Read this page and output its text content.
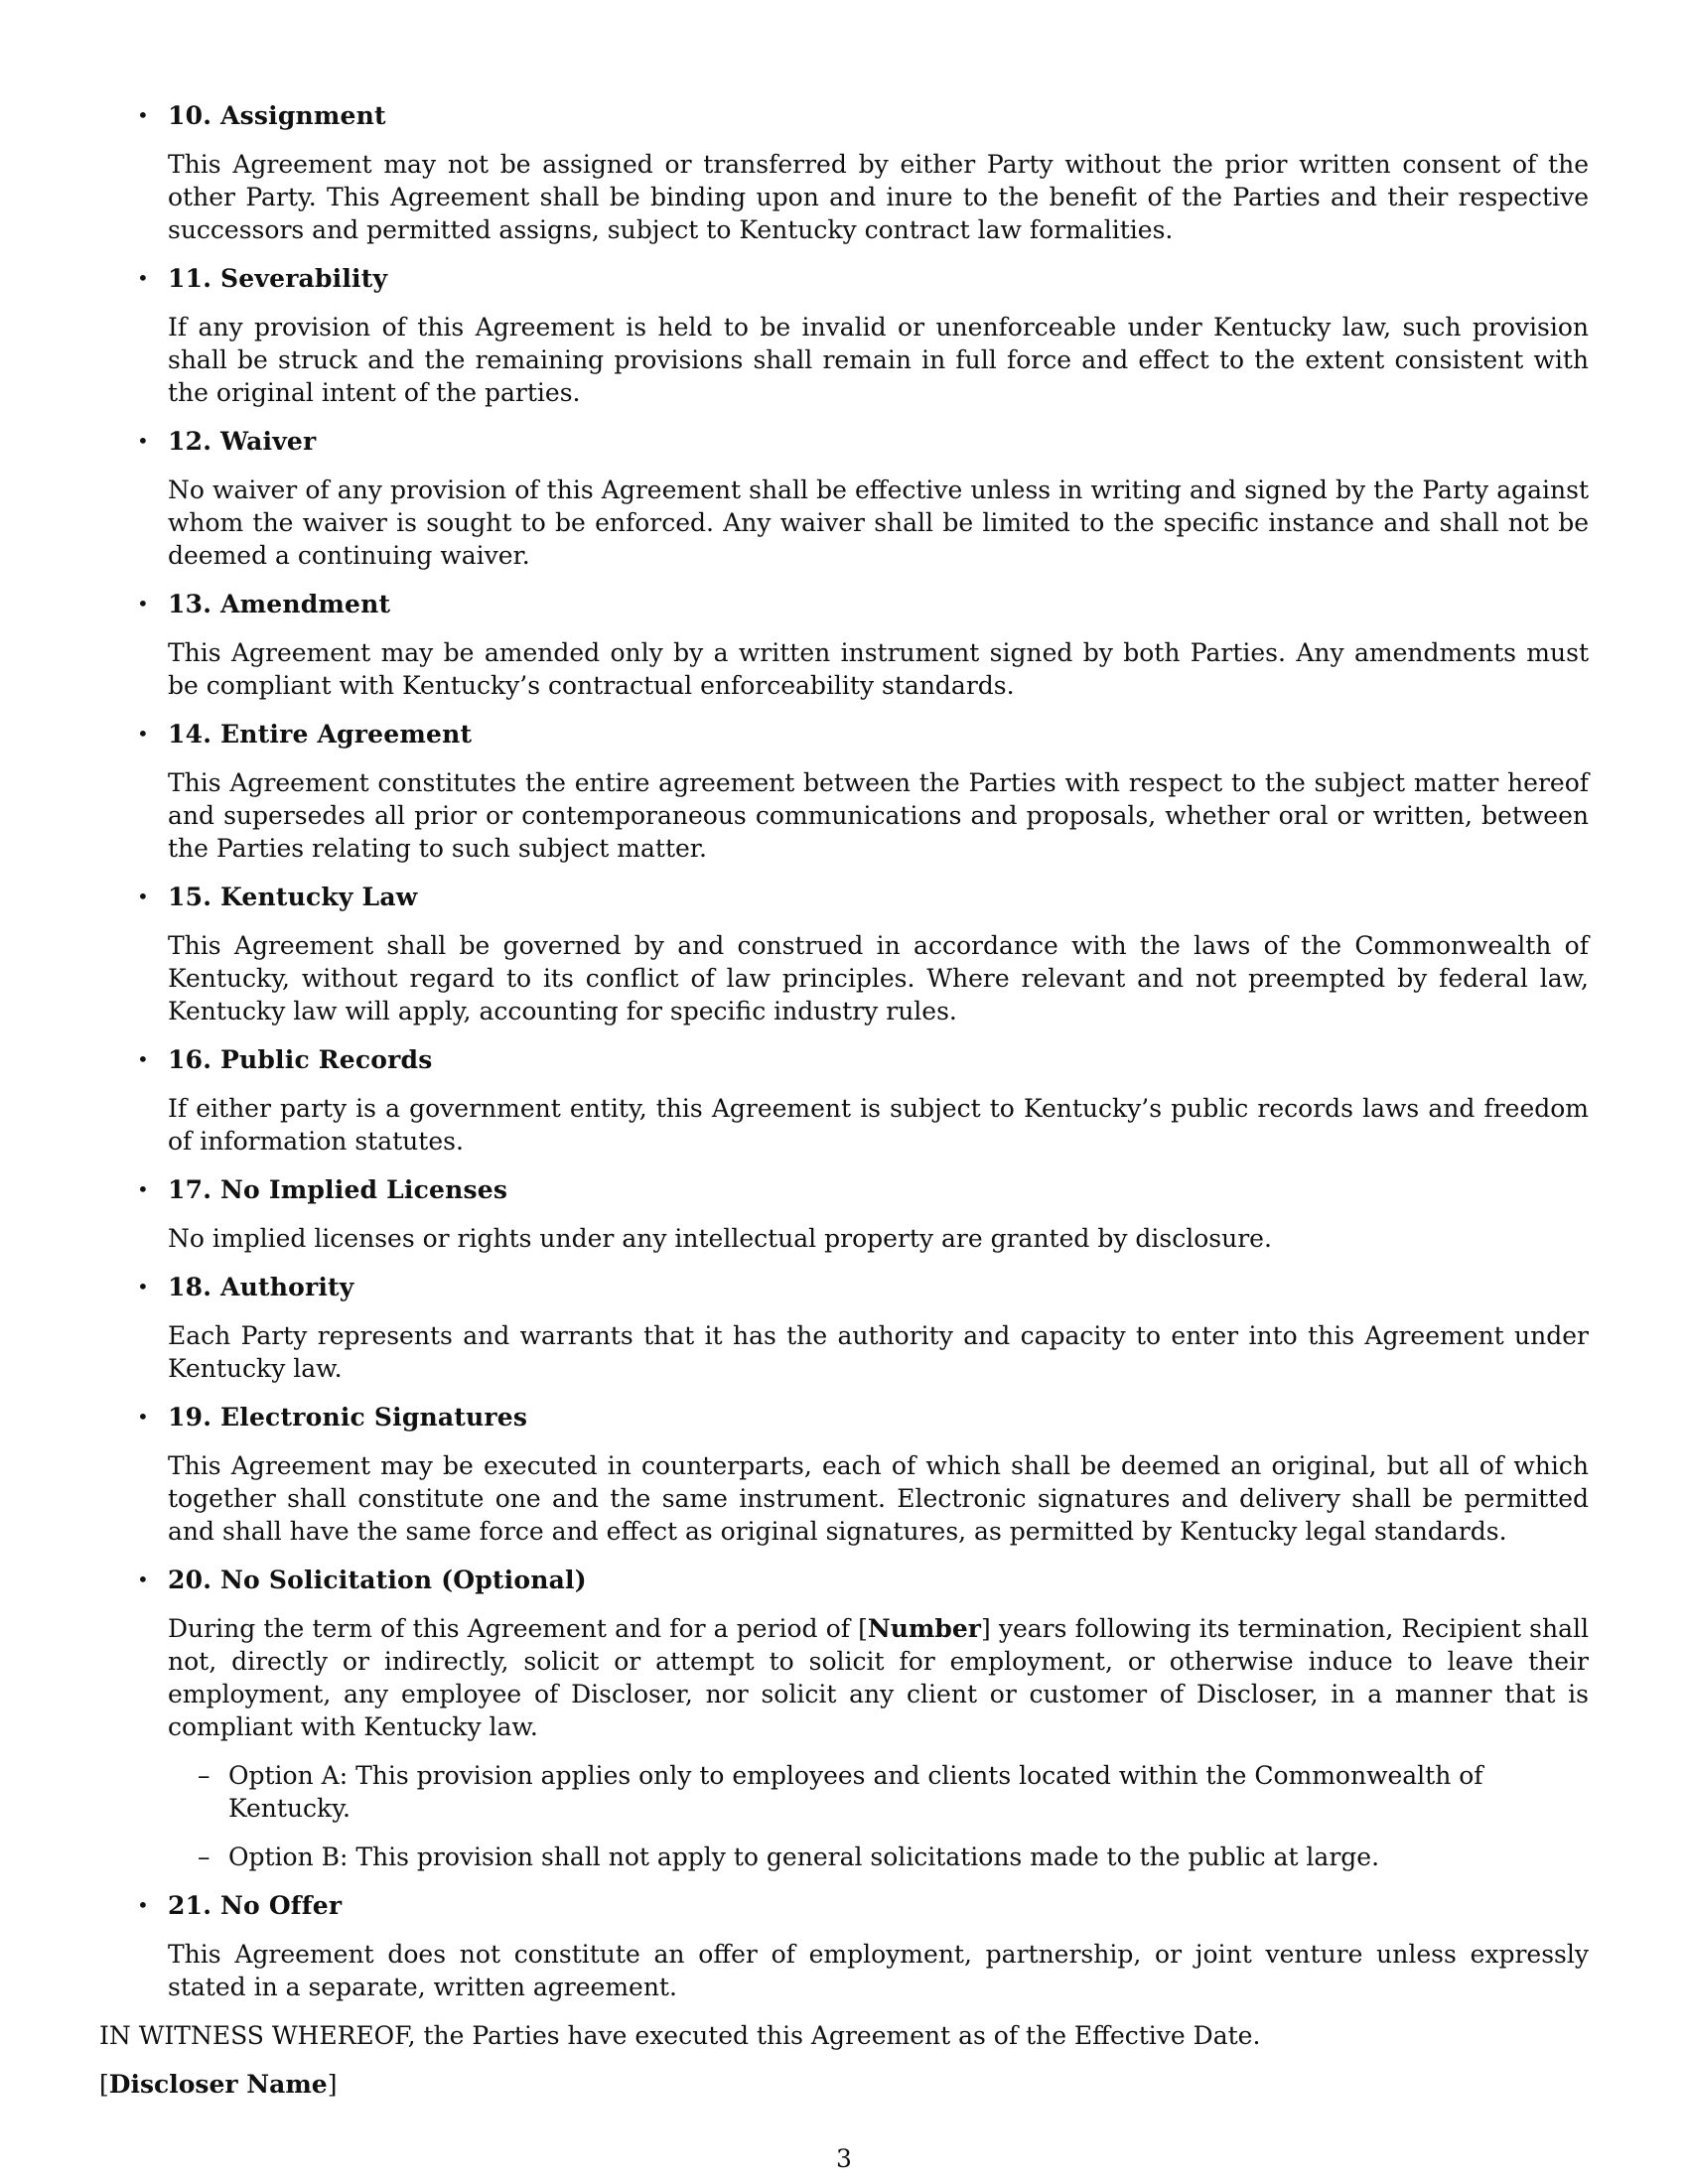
• 10. Assignment

This Agreement may not be assigned or transferred by either Party without the prior written consent of the other Party. This Agreement shall be binding upon and inure to the benefit of the Parties and their respective successors and permitted assigns, subject to Kentucky contract law formalities.

• 11. Severability

If any provision of this Agreement is held to be invalid or unenforceable under Kentucky law, such provision shall be struck and the remaining provisions shall remain in full force and effect to the extent consistent with the original intent of the parties.

• 12. Waiver

No waiver of any provision of this Agreement shall be effective unless in writing and signed by the Party against whom the waiver is sought to be enforced. Any waiver shall be limited to the specific instance and shall not be deemed a continuing waiver.

• 13. Amendment

This Agreement may be amended only by a written instrument signed by both Parties. Any amendments must be compliant with Kentucky’s contractual enforceability standards.

• 14. Entire Agreement

This Agreement constitutes the entire agreement between the Parties with respect to the subject matter hereof and supersedes all prior or contemporaneous communications and proposals, whether oral or written, between the Parties relating to such subject matter.

• 15. Kentucky Law

This Agreement shall be governed by and construed in accordance with the laws of the Commonwealth of Kentucky, without regard to its conflict of law principles. Where relevant and not preempted by federal law, Kentucky law will apply, accounting for specific industry rules.

• 16. Public Records

If either party is a government entity, this Agreement is subject to Kentucky’s public records laws and freedom of information statutes.

• 17. No Implied Licenses

No implied licenses or rights under any intellectual property are granted by disclosure.

• 18. Authority

Each Party represents and warrants that it has the authority and capacity to enter into this Agreement under Kentucky law.

• 19. Electronic Signatures

This Agreement may be executed in counterparts, each of which shall be deemed an original, but all of which together shall constitute one and the same instrument. Electronic signatures and delivery shall be permitted and shall have the same force and effect as original signatures, as permitted by Kentucky legal standards.

• 20. No Solicitation (Optional)

During the term of this Agreement and for a period of [Number] years following its termination, Recipient shall not, directly or indirectly, solicit or attempt to solicit for employment, or otherwise induce to leave their employment, any employee of Discloser, nor solicit any client or customer of Discloser, in a manner that is compliant with Kentucky law.

– Option A: This provision applies only to employees and clients located within the Commonwealth of Kentucky.
– Option B: This provision shall not apply to general solicitations made to the public at large.
• 21. No Offer

This Agreement does not constitute an offer of employment, partnership, or joint venture unless expressly stated in a separate, written agreement.

IN WITNESS WHEREOF, the Parties have executed this Agreement as of the Effective Date.

[Discloser Name]

3
